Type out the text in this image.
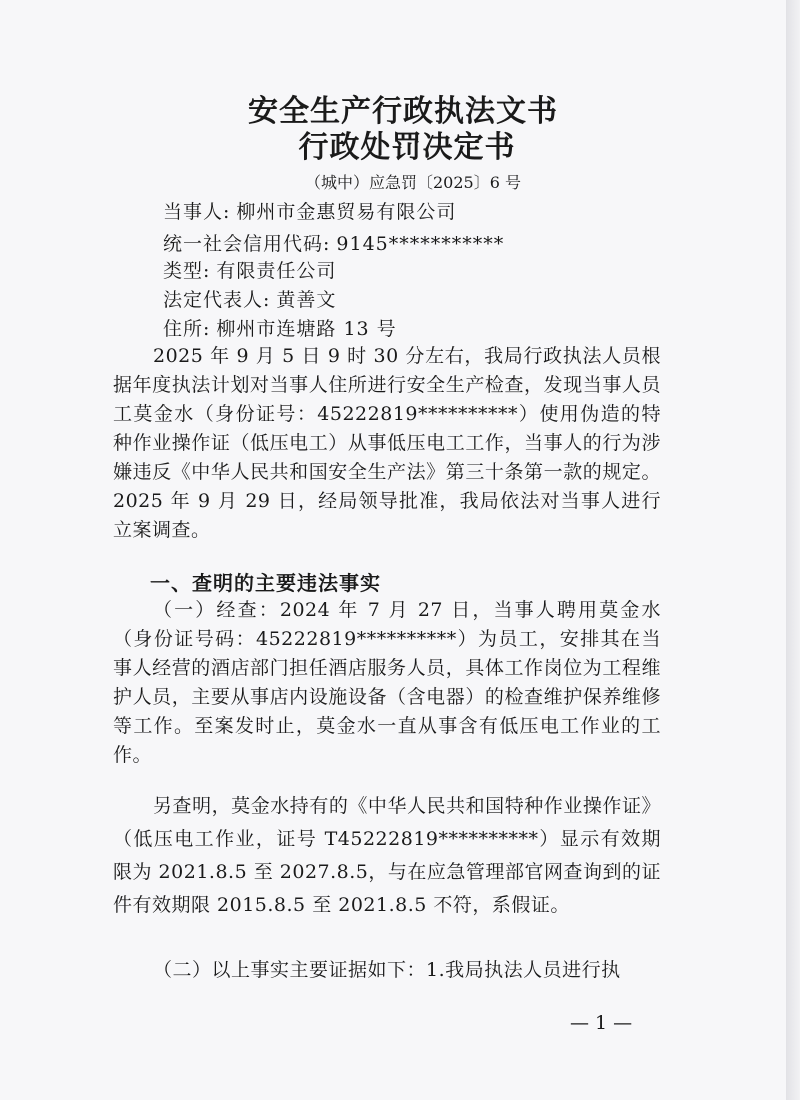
安全生产行政执法文书
行政处罚决定书
（城中）应急罚〔2025〕6 号
当事人: 柳州市金惠贸易有限公司
统一社会信用代码: 9145***********
类型: 有限责任公司
法定代表人: 黄善文
住所: 柳州市连塘路 13 号
2025 年 9 月 5 日 9 时 30 分左右，我局行政执法人员根据年度执法计划对当事人住所进行安全生产检查，发现当事人员工莫金水（身份证号：45222819**********）使用伪造的特种作业操作证（低压电工）从事低压电工工作，当事人的行为涉嫌违反《中华人民共和国安全生产法》第三十条第一款的规定。2025 年 9 月 29 日，经局领导批准，我局依法对当事人进行立案调查。
一、查明的主要违法事实
（一）经查：2024 年 7 月 27 日，当事人聘用莫金水（身份证号码：45222819**********）为员工，安排其在当事人经营的酒店部门担任酒店服务人员，具体工作岗位为工程维护人员，主要从事店内设施设备（含电器）的检查维护保养维修等工作。至案发时止，莫金水一直从事含有低压电工作业的工作。
另查明，莫金水持有的《中华人民共和国特种作业操作证》（低压电工作业，证号 T45222819**********）显示有效期限为 2021.8.5 至 2027.8.5，与在应急管理部官网查询到的证件有效期限 2015.8.5 至 2021.8.5 不符，系假证。
（二）以上事实主要证据如下：1.我局执法人员进行执
— 1 —
